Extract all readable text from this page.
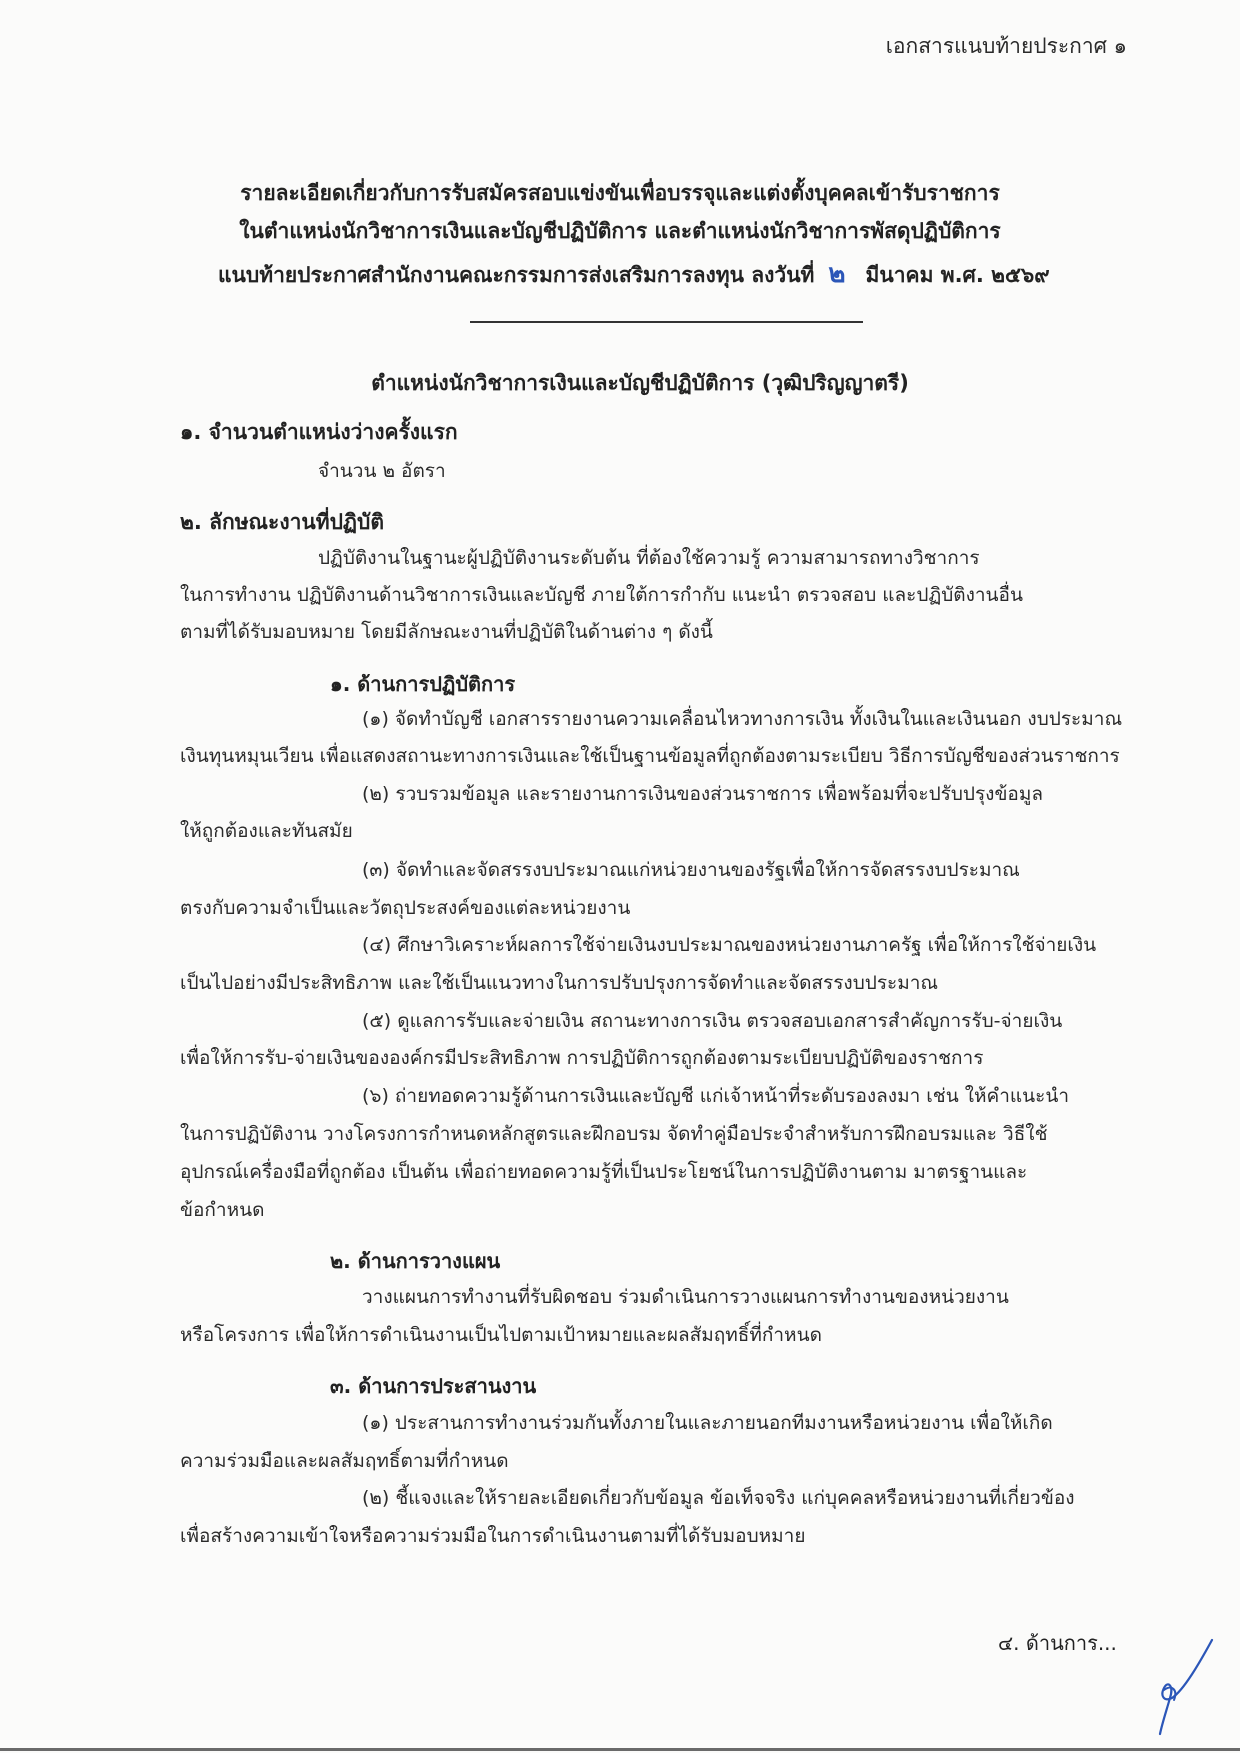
เอกสารแนบท้ายประกาศ ๑
รายละเอียดเกี่ยวกับการรับสมัครสอบแข่งขันเพื่อบรรจุและแต่งตั้งบุคคลเข้ารับราชการ
ในตำแหน่งนักวิชาการเงินและบัญชีปฏิบัติการ และตำแหน่งนักวิชาการพัสดุปฏิบัติการ
แนบท้ายประกาศสำนักงานคณะกรรมการส่งเสริมการลงทุน ลงวันที่ ๒ มีนาคม พ.ศ. ๒๕๖๙
ตำแหน่งนักวิชาการเงินและบัญชีปฏิบัติการ (วุฒิปริญญาตรี)
๑. จำนวนตำแหน่งว่างครั้งแรก
จำนวน ๒ อัตรา
๒. ลักษณะงานที่ปฏิบัติ
ปฏิบัติงานในฐานะผู้ปฏิบัติงานระดับต้น ที่ต้องใช้ความรู้ ความสามารถทางวิชาการ
ในการทำงาน ปฏิบัติงานด้านวิชาการเงินและบัญชี ภายใต้การกำกับ แนะนำ ตรวจสอบ และปฏิบัติงานอื่น
ตามที่ได้รับมอบหมาย โดยมีลักษณะงานที่ปฏิบัติในด้านต่าง ๆ ดังนี้
๑. ด้านการปฏิบัติการ
(๑) จัดทำบัญชี เอกสารรายงานความเคลื่อนไหวทางการเงิน ทั้งเงินในและเงินนอก งบประมาณ
เงินทุนหมุนเวียน เพื่อแสดงสถานะทางการเงินและใช้เป็นฐานข้อมูลที่ถูกต้องตามระเบียบ วิธีการบัญชีของส่วนราชการ
(๒) รวบรวมข้อมูล และรายงานการเงินของส่วนราชการ เพื่อพร้อมที่จะปรับปรุงข้อมูล
ให้ถูกต้องและทันสมัย
(๓) จัดทำและจัดสรรงบประมาณแก่หน่วยงานของรัฐเพื่อให้การจัดสรรงบประมาณ
ตรงกับความจำเป็นและวัตถุประสงค์ของแต่ละหน่วยงาน
(๔) ศึกษาวิเคราะห์ผลการใช้จ่ายเงินงบประมาณของหน่วยงานภาครัฐ เพื่อให้การใช้จ่ายเงิน
เป็นไปอย่างมีประสิทธิภาพ และใช้เป็นแนวทางในการปรับปรุงการจัดทำและจัดสรรงบประมาณ
(๕) ดูแลการรับและจ่ายเงิน สถานะทางการเงิน ตรวจสอบเอกสารสำคัญการรับ-จ่ายเงิน
เพื่อให้การรับ-จ่ายเงินขององค์กรมีประสิทธิภาพ การปฏิบัติการถูกต้องตามระเบียบปฏิบัติของราชการ
(๖) ถ่ายทอดความรู้ด้านการเงินและบัญชี แก่เจ้าหน้าที่ระดับรองลงมา เช่น ให้คำแนะนำ
ในการปฏิบัติงาน วางโครงการกำหนดหลักสูตรและฝึกอบรม จัดทำคู่มือประจำสำหรับการฝึกอบรมและ วิธีใช้
อุปกรณ์เครื่องมือที่ถูกต้อง เป็นต้น เพื่อถ่ายทอดความรู้ที่เป็นประโยชน์ในการปฏิบัติงานตาม มาตรฐานและ
ข้อกำหนด
๒. ด้านการวางแผน
วางแผนการทำงานที่รับผิดชอบ ร่วมดำเนินการวางแผนการทำงานของหน่วยงาน
หรือโครงการ เพื่อให้การดำเนินงานเป็นไปตามเป้าหมายและผลสัมฤทธิ์ที่กำหนด
๓. ด้านการประสานงาน
(๑) ประสานการทำงานร่วมกันทั้งภายในและภายนอกทีมงานหรือหน่วยงาน เพื่อให้เกิด
ความร่วมมือและผลสัมฤทธิ์ตามที่กำหนด
(๒) ชี้แจงและให้รายละเอียดเกี่ยวกับข้อมูล ข้อเท็จจริง แก่บุคคลหรือหน่วยงานที่เกี่ยวข้อง
เพื่อสร้างความเข้าใจหรือความร่วมมือในการดำเนินงานตามที่ได้รับมอบหมาย
๔. ด้านการ...
